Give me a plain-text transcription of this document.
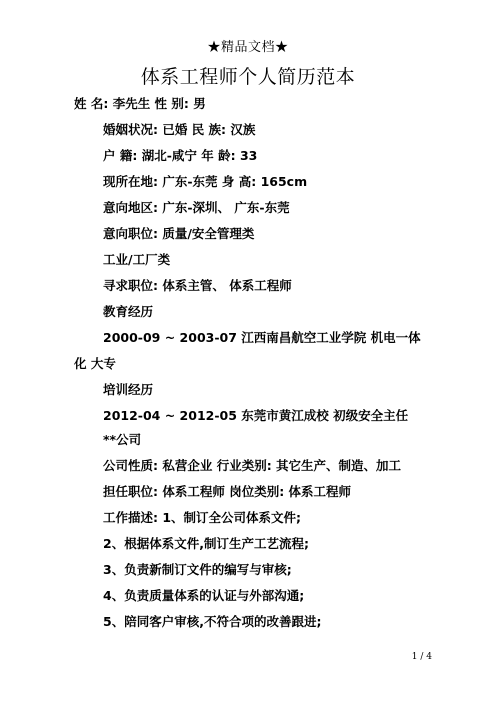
★精品文档★
体系工程师个人简历范本
姓 名: 李先生 性 别: 男
婚姻状况: 已婚 民 族: 汉族
户 籍: 湖北-咸宁 年 龄: 33
现所在地: 广东-东莞 身 高: 165cm
意向地区: 广东-深圳、 广东-东莞
意向职位: 质量/安全管理类
工业/工厂类
寻求职位: 体系主管、 体系工程师
教育经历
2000-09 ~ 2003-07 江西南昌航空工业学院 机电一体
化 大专
培训经历
2012-04 ~ 2012-05 东莞市黄江成校 初级安全主任
**公司
公司性质: 私营企业 行业类别: 其它生产、制造、加工
担任职位: 体系工程师 岗位类别: 体系工程师
工作描述: 1、制订全公司体系文件;
2、根据体系文件,制订生产工艺流程;
3、负责新制订文件的编写与审核;
4、负责质量体系的认证与外部沟通;
5、陪同客户审核,不符合项的改善跟进;
1 / 4
